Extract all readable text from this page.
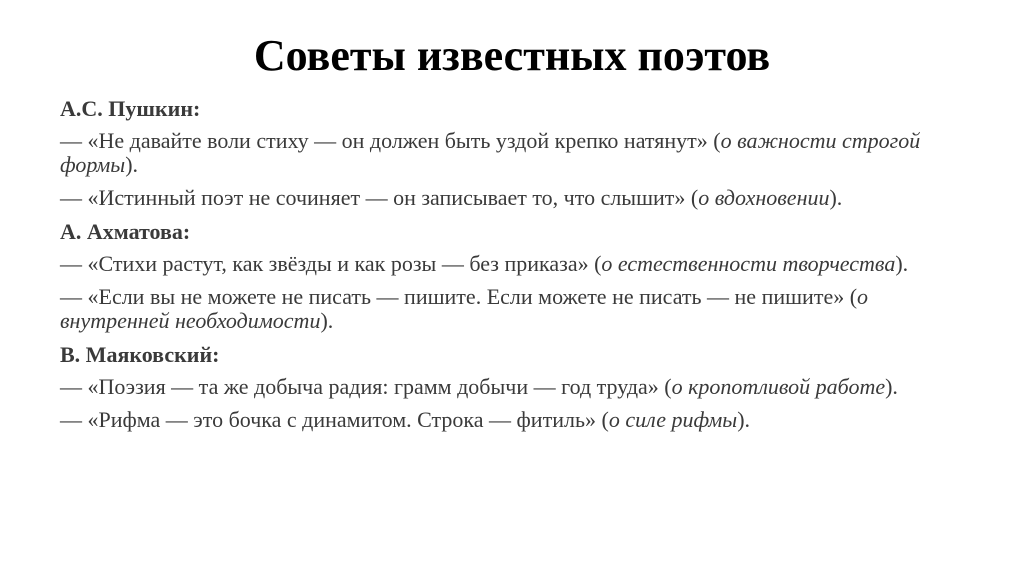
Советы известных поэтов
А.С. Пушкин:
— «Не давайте воли стиху — он должен быть уздой крепко натянут» (о важности строгой формы).
— «Истинный поэт не сочиняет — он записывает то, что слышит» (о вдохновении).
А. Ахматова:
— «Стихи растут, как звёзды и как розы — без приказа» (о естественности творчества).
— «Если вы не можете не писать — пишите. Если можете не писать — не пишите» (о внутренней необходимости).
В. Маяковский:
— «Поэзия — та же добыча радия: грамм добычи — год труда» (о кропотливой работе).
— «Рифма — это бочка с динамитом. Строка — фитиль» (о силе рифмы).
